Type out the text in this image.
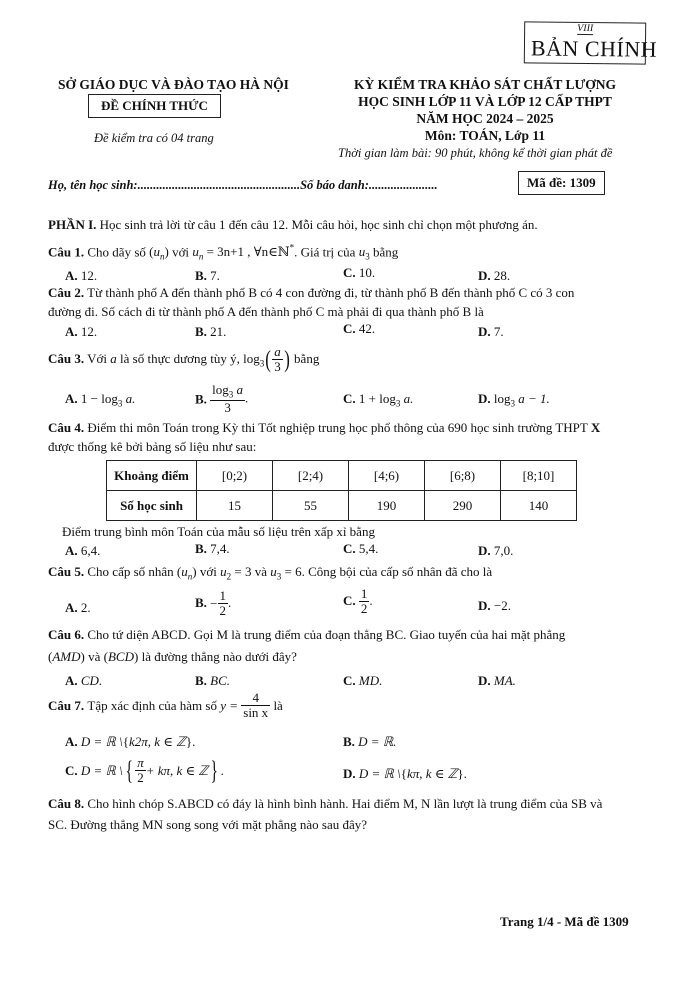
VIII
BẢN CHÍNH
SỞ GIÁO DỤC VÀ ĐÀO TẠO HÀ NỘI
ĐỀ CHÍNH THỨC
Đề kiểm tra có 04 trang
KỲ KIỂM TRA KHẢO SÁT CHẤT LƯỢNG
HỌC SINH LỚP 11 VÀ LỚP 12 CẤP THPT
NĂM HỌC 2024 – 2025
Môn: TOÁN, Lớp 11
Thời gian làm bài: 90 phút, không kể thời gian phát đề
Họ, tên học sinh:....................................................Số báo danh:......................	Mã đề: 1309
PHẦN I. Học sinh trả lời từ câu 1 đến câu 12. Mỗi câu hỏi, học sinh chỉ chọn một phương án.
Câu 1. Cho dãy số $(u_n)$ với $u_n = 3n+1$ , ∀n∈ℕ*. Giá trị của $u_3$ bằng
A. 12.	B. 7.	C. 10.	D. 28.
Câu 2. Từ thành phố A đến thành phố B có 4 con đường đi, từ thành phố B đến thành phố C có 3 con
đường đi. Số cách đi từ thành phố A đến thành phố C mà phải đi qua thành phố B là
A. 12.	B. 21.	C. 42.	D. 7.
Câu 3. Với a là số thực dương tùy ý, $\log_3( \frac{a}{3}$ ) bằng
A. $1 - \log_3 a$.	B. $\frac{\log_3 a}{3}$ .	C. $1 + \log_3 a$.	D. $\log_3 a - 1$.
Câu 4. Điểm thi môn Toán trong Kỳ thi Tốt nghiệp trung học phổ thông của 690 học sinh trường THPT X
được thống kê bởi bảng số liệu như sau:
Khoảng điểm	[0;2)	[2;4)	[4;6)	[6;8)	[8;10]
Số học sinh	15	55	190	290	140
Điểm trung bình môn Toán của mẫu số liệu trên xấp xỉ bằng
A. 6,4.	B. 7,4.	C. 5,4.	D. 7,0.
Câu 5. Cho cấp số nhân $(u_n)$ với $u_2 = 3$ và $u_3 = 6$. Công bội của cấp số nhân đã cho là
A. 2.	B. − $\frac{1}{2}$ .	C. $\frac{1}{2}$ .	D. −2.
Câu 6. Cho tứ diện ABCD. Gọi M là trung điểm của đoạn thẳng BC. Giao tuyến của hai mặt phẳng
(AMD) và (BCD) là đường thẳng nào dưới đây?
A. CD.	B. BC.	C. MD.	D. MA.
Câu 7. Tập xác định của hàm số $y = \frac{4}{\text{sin x}}$ là
A. D = ℝ \{k2π, k ∈ ℤ}.	B. D = ℝ.
C. D = ℝ \{ $\frac{\pi}{2} + k\pi$, k ∈ ℤ} .	D. D = ℝ \{kπ, k ∈ ℤ}.
Câu 8. Cho hình chóp S.ABCD có đáy là hình bình hành. Hai điểm M, N lần lượt là trung điểm của SB và
SC. Đường thẳng MN song song với mặt phẳng nào sau đây?
Trang 1/4 - Mã đề 1309
